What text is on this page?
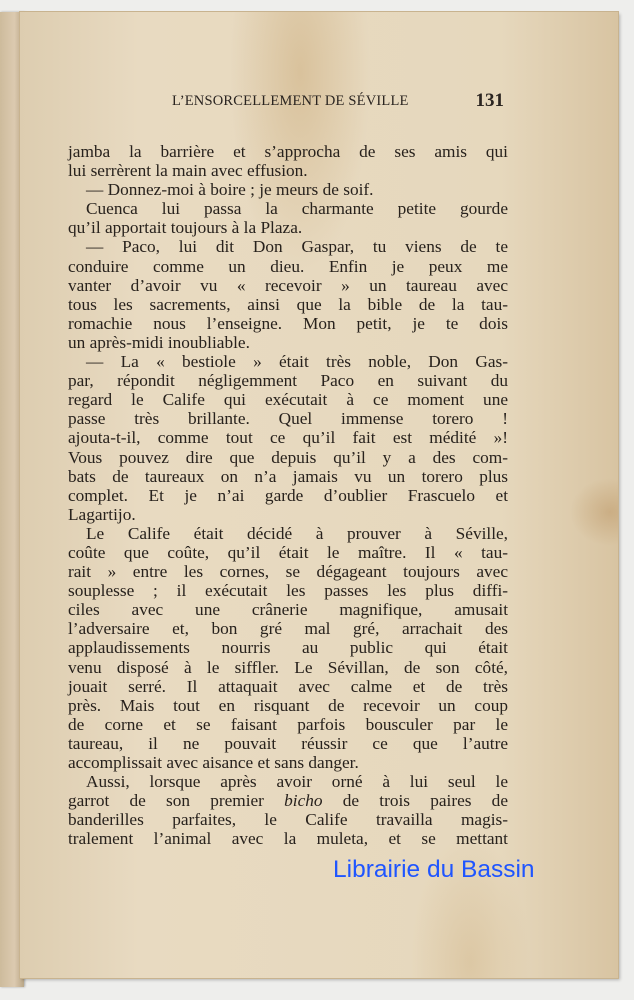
L’ENSORCELLEMENT DE SÉVILLE	131
jamba la barrière et s’approcha de ses amis qui
lui serrèrent la main avec effusion.
— Donnez-moi à boire ; je meurs de soif.
Cuenca lui passa la charmante petite gourde
qu’il apportait toujours à la Plaza.
— Paco, lui dit Don Gaspar, tu viens de te
conduire comme un dieu. Enfin je peux me
vanter d’avoir vu « recevoir » un taureau avec
tous les sacrements, ainsi que la bible de la tau-
romachie nous l’enseigne. Mon petit, je te dois
un après-midi inoubliable.
— La « bestiole » était très noble, Don Gas-
par, répondit négligemment Paco en suivant du
regard le Calife qui exécutait à ce moment une
passe très brillante. Quel immense torero !
ajouta-t-il, comme tout ce qu’il fait est médité »!
Vous pouvez dire que depuis qu’il y a des com-
bats de taureaux on n’a jamais vu un torero plus
complet. Et je n’ai garde d’oublier Frascuelo et
Lagartijo.
Le Calife était décidé à prouver à Séville,
coûte que coûte, qu’il était le maître. Il « tau-
rait » entre les cornes, se dégageant toujours avec
souplesse ; il exécutait les passes les plus diffi-
ciles avec une crânerie magnifique, amusait
l’adversaire et, bon gré mal gré, arrachait des
applaudissements nourris au public qui était
venu disposé à le siffler. Le Sévillan, de son côté,
jouait serré. Il attaquait avec calme et de très
près. Mais tout en risquant de recevoir un coup
de corne et se faisant parfois bousculer par le
taureau, il ne pouvait réussir ce que l’autre
accomplissait avec aisance et sans danger.
Aussi, lorsque après avoir orné à lui seul le
garrot de son premier bicho de trois paires de
banderilles parfaites, le Calife travailla magis-
tralement l’animal avec la muleta, et se mettant
Librairie du Bassin
